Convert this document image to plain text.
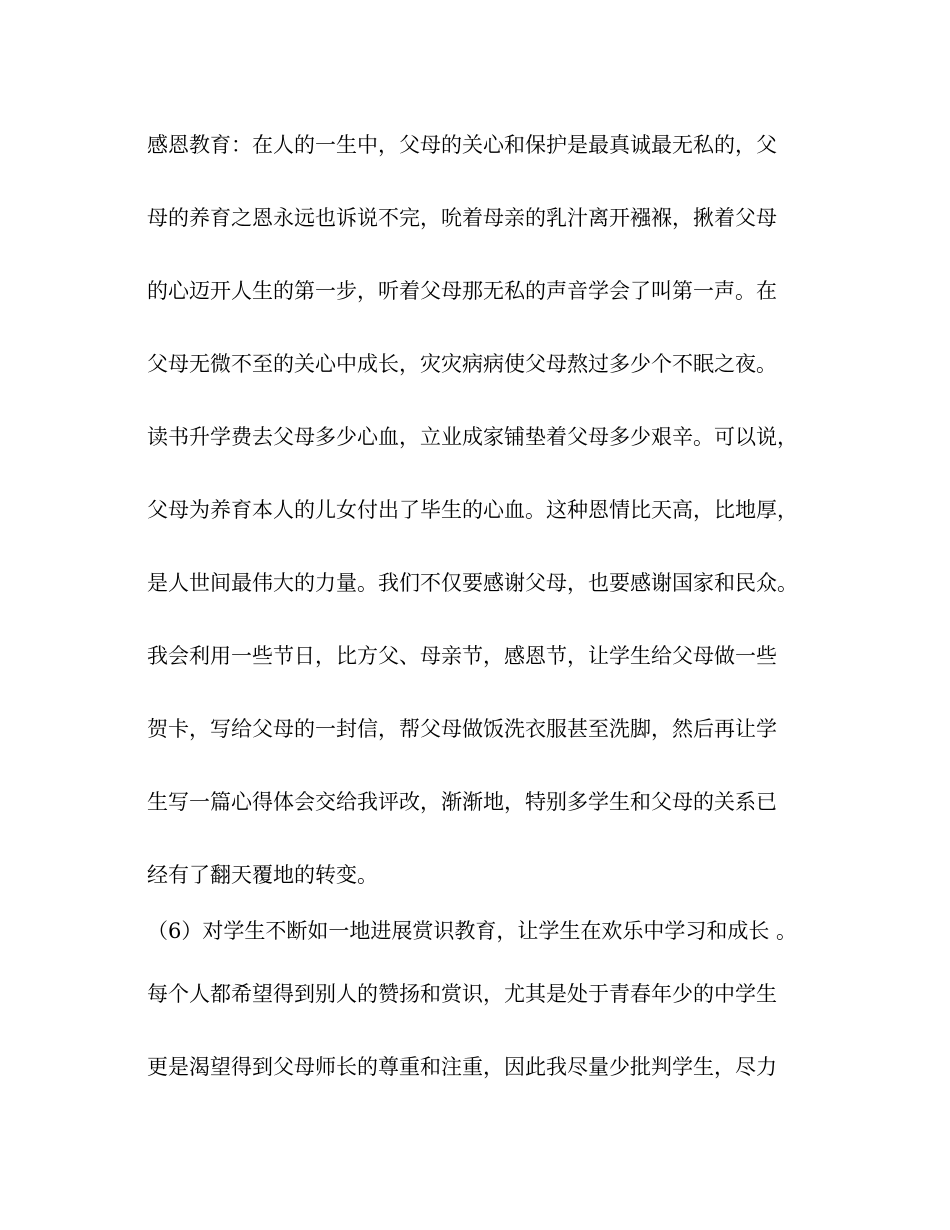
感恩教育：在人的一生中，父母的关心和保护是最真诚最无私的，父
母的养育之恩永远也诉说不完，吮着母亲的乳汁离开襁褓，揪着父母
的心迈开人生的第一步，听着父母那无私的声音学会了叫第一声。在
父母无微不至的关心中成长，灾灾病病使父母熬过多少个不眠之夜。
读书升学费去父母多少心血，立业成家铺垫着父母多少艰辛。可以说，
父母为养育本人的儿女付出了毕生的心血。这种恩情比天高，比地厚，
是人世间最伟大的力量。我们不仅要感谢父母，也要感谢国家和民众。
我会利用一些节日，比方父、母亲节，感恩节，让学生给父母做一些
贺卡，写给父母的一封信，帮父母做饭洗衣服甚至洗脚，然后再让学
生写一篇心得体会交给我评改，渐渐地，特别多学生和父母的关系已
经有了翻天覆地的转变。
（6）对学生不断如一地进展赏识教育，让学生在欢乐中学习和成长 。
每个人都希望得到别人的赞扬和赏识，尤其是处于青春年少的中学生
更是渴望得到父母师长的尊重和注重，因此我尽量少批判学生，尽力
